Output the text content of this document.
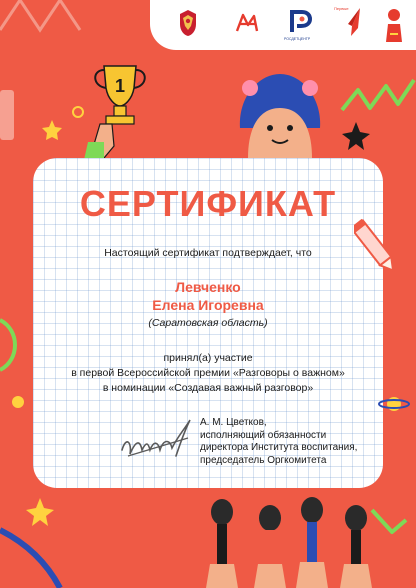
РОСДЕТЦЕНТР
Первые
1
СЕРТИФИКАТ
Настоящий сертификат подтверждает, что
Левченко
Елена Игоревна
(Саратовская область)
принял(а) участие
в первой Всероссийской премии «Разговоры о важном»
в номинации «Создавая важный разговор»
А. М. Цветков,
исполняющий обязанности
директора Института воспитания,
председатель Оргкомитета
